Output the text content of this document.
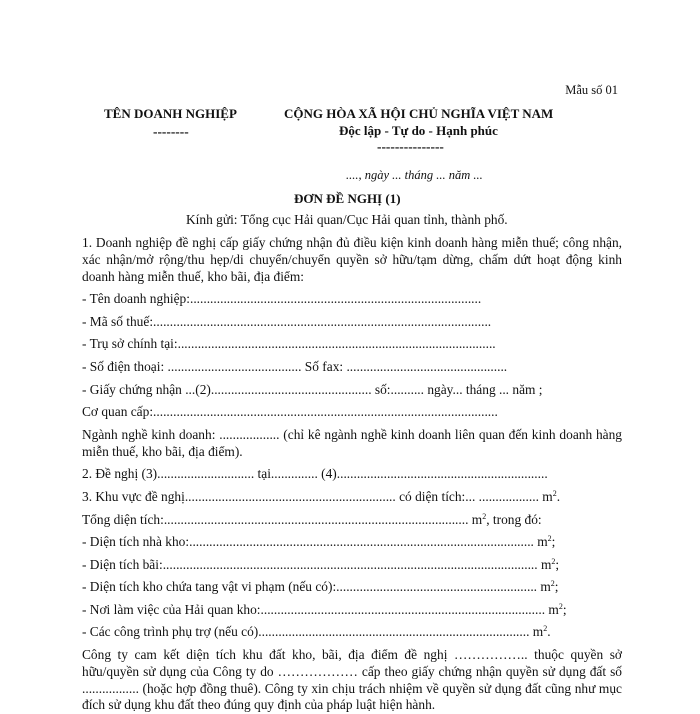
Mẫu số 01
TÊN DOANH NGHIỆP
--------
CỘNG HÒA XÃ HỘI CHỦ NGHĨA VIỆT NAM
Độc lập - Tự do - Hạnh phúc
---------------
...., ngày ... tháng ... năm ...
ĐƠN ĐỀ NGHỊ (1)
Kính gửi: Tổng cục Hải quan/Cục Hải quan tỉnh, thành phố.

1. Doanh nghiệp đề nghị cấp giấy chứng nhận đủ điều kiện kinh doanh hàng miễn thuế; công nhận, xác nhận/mở rộng/thu hẹp/di chuyển/chuyển quyền sở hữu/tạm dừng, chấm dứt hoạt động kinh doanh hàng miễn thuế, kho bãi, địa điểm:

- Tên doanh nghiệp:.......................................................................................
- Mã số thuế:.....................................................................................................
- Trụ sở chính tại:...............................................................................................
- Số điện thoại: ........................................ Số fax: ................................................
- Giấy chứng nhận ...(2)................................................ số:.......... ngày... tháng ... năm ;
Cơ quan cấp:.......................................................................................................

Ngành nghề kinh doanh: .................. (chỉ kê ngành nghề kinh doanh liên quan đến kinh doanh hàng miễn thuế, kho bãi, địa điểm).

2. Đề nghị (3)............................. tại.............. (4)...............................................................
3. Khu vực đề nghị............................................................... có diện tích:... .................. $m^2$.
Tổng diện tích:........................................................................................... $m^2$, trong đó:
- Diện tích nhà kho:....................................................................................................... $m^2$;
- Diện tích bãi:................................................................................................................ $m^2$;
- Diện tích kho chứa tang vật vi phạm (nếu có):............................................................ $m^2$;
- Nơi làm việc của Hải quan kho:..................................................................................... $m^2$;
- Các công trình phụ trợ (nếu có)................................................................................. $m^2$.

Công ty cam kết diện tích khu đất kho, bãi, địa điểm đề nghị …………….. thuộc quyền sở hữu/quyền sử dụng của Công ty do ……………… cấp theo giấy chứng nhận quyền sử dụng đất số ................. (hoặc hợp đồng thuê). Công ty xin chịu trách nhiệm về quyền sử dụng đất cũng như mục đích sử dụng khu đất theo đúng quy định của pháp luật hiện hành.
